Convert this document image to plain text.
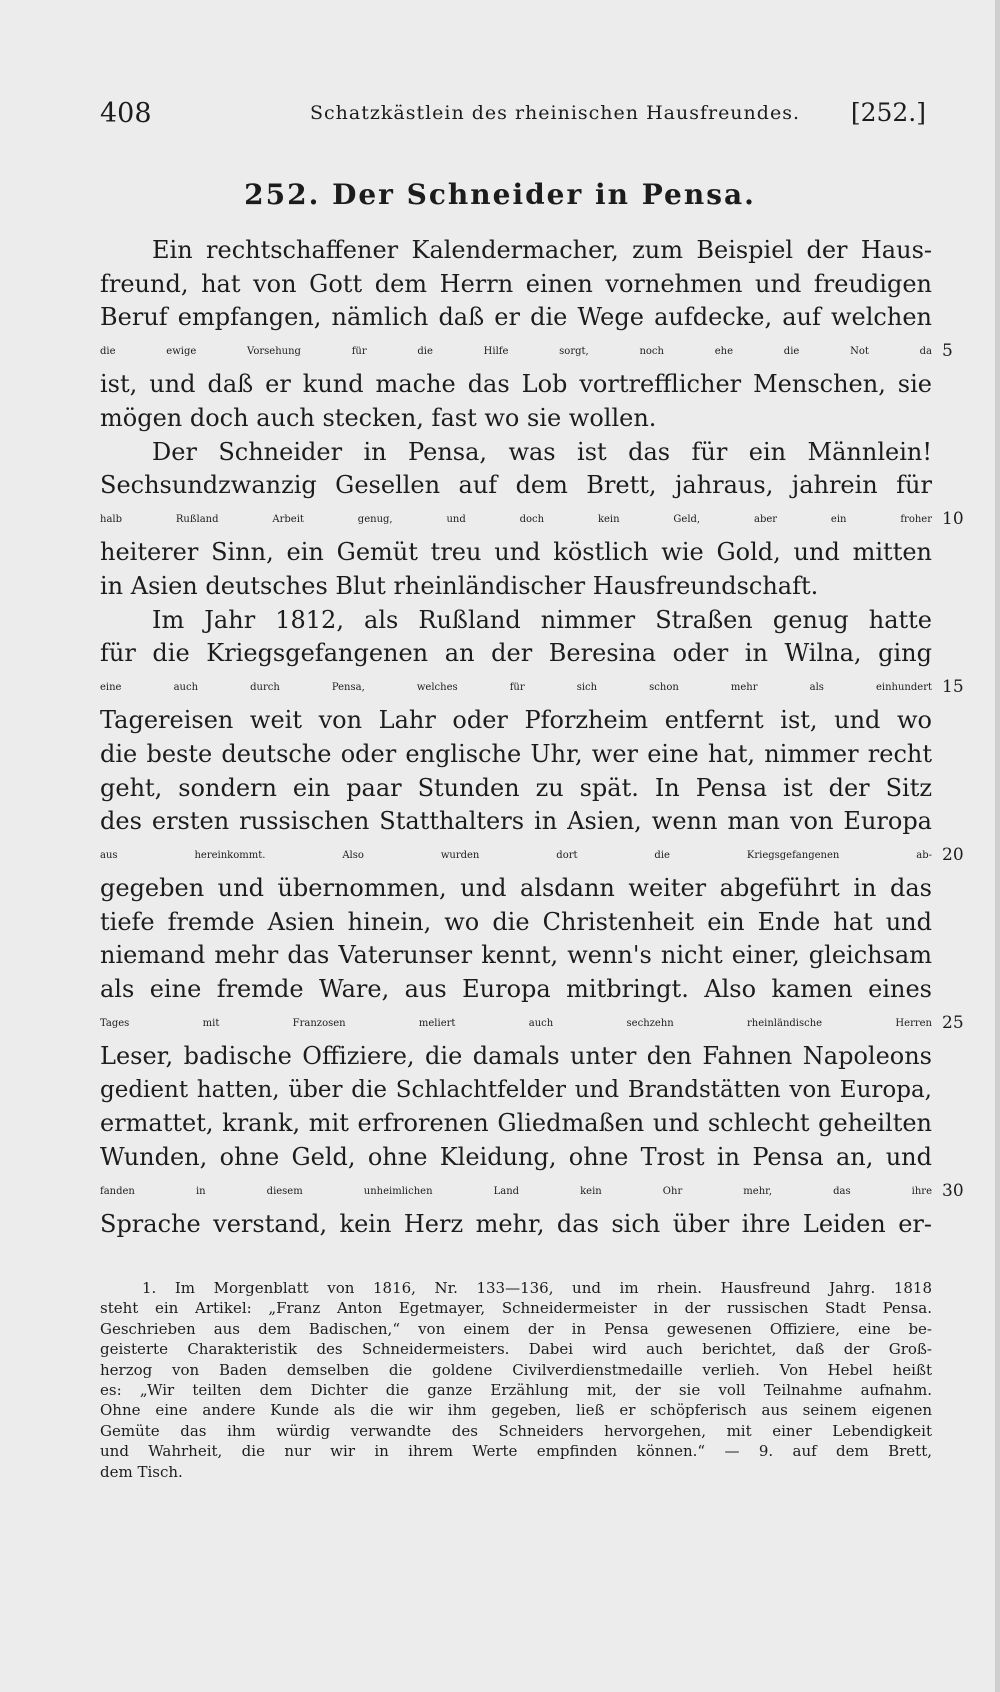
408	Schatzkästlein des rheinischen Hausfreundes. [252.]
252. Der Schneider in Pensa.
Ein rechtschaffener Kalendermacher, zum Beispiel der Haus-
freund, hat von Gott dem Herrn einen vornehmen und freudigen
Beruf empfangen, nämlich daß er die Wege aufdecke, auf welchen
die ewige Vorsehung für die Hilfe sorgt, noch ehe die Not da 5
ist, und daß er kund mache das Lob vortrefflicher Menschen, sie
mögen doch auch stecken, fast wo sie wollen.
Der Schneider in Pensa, was ist das für ein Männlein!
Sechsundzwanzig Gesellen auf dem Brett, jahraus, jahrein für
halb Rußland Arbeit genug, und doch kein Geld, aber ein froher 10
heiterer Sinn, ein Gemüt treu und köstlich wie Gold, und mitten
in Asien deutsches Blut rheinländischer Hausfreundschaft.
Im Jahr 1812, als Rußland nimmer Straßen genug hatte
für die Kriegsgefangenen an der Beresina oder in Wilna, ging
eine auch durch Pensa, welches für sich schon mehr als einhundert 15
Tagereisen weit von Lahr oder Pforzheim entfernt ist, und wo
die beste deutsche oder englische Uhr, wer eine hat, nimmer recht
geht, sondern ein paar Stunden zu spät. In Pensa ist der Sitz
des ersten russischen Statthalters in Asien, wenn man von Europa
aus hereinkommt. Also wurden dort die Kriegsgefangenen ab- 20
gegeben und übernommen, und alsdann weiter abgeführt in das
tiefe fremde Asien hinein, wo die Christenheit ein Ende hat und
niemand mehr das Vaterunser kennt, wenn's nicht einer, gleichsam
als eine fremde Ware, aus Europa mitbringt. Also kamen eines
Tages mit Franzosen meliert auch sechzehn rheinländische Herren 25
Leser, badische Offiziere, die damals unter den Fahnen Napoleons
gedient hatten, über die Schlachtfelder und Brandstätten von Europa,
ermattet, krank, mit erfrorenen Gliedmaßen und schlecht geheilten
Wunden, ohne Geld, ohne Kleidung, ohne Trost in Pensa an, und
fanden in diesem unheimlichen Land kein Ohr mehr, das ihre 30
Sprache verstand, kein Herz mehr, das sich über ihre Leiden er-
1. Im Morgenblatt von 1816, Nr. 133—136, und im rhein. Hausfreund Jahrg. 1818
steht ein Artikel: „Franz Anton Egetmayer, Schneidermeister in der russischen Stadt Pensa.
Geschrieben aus dem Badischen,“ von einem der in Pensa gewesenen Offiziere, eine be-
geisterte Charakteristik des Schneidermeisters. Dabei wird auch berichtet, daß der Groß-
herzog von Baden demselben die goldene Civilverdienstmedaille verlieh. Von Hebel heißt
es: „Wir teilten dem Dichter die ganze Erzählung mit, der sie voll Teilnahme aufnahm.
Ohne eine andere Kunde als die wir ihm gegeben, ließ er schöpferisch aus seinem eigenen
Gemüte das ihm würdig verwandte des Schneiders hervorgehen, mit einer Lebendigkeit
und Wahrheit, die nur wir in ihrem Werte empfinden können.“ — 9. auf dem Brett,
dem Tisch.
